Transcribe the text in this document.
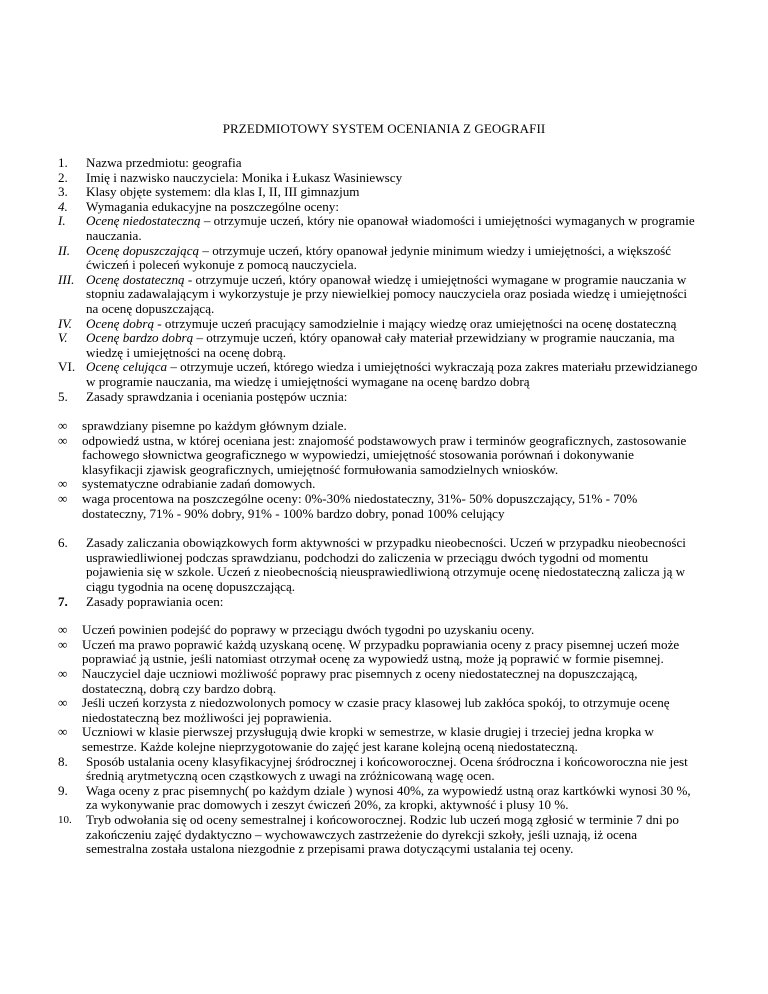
PRZEDMIOTOWY SYSTEM OCENIANIA Z GEOGRAFII
1. Nazwa przedmiotu: geografia
2. Imię i nazwisko nauczyciela: Monika i Łukasz Wasiniewscy
3. Klasy objęte systemem: dla klas I, II, III gimnazjum
4. Wymagania edukacyjne na poszczególne oceny:
I. Ocenę niedostateczną – otrzymuje uczeń, który nie opanował wiadomości i umiejętności wymaganych w programie nauczania.
II. Ocenę dopuszczającą – otrzymuje uczeń, który opanował jedynie minimum wiedzy i umiejętności, a większość ćwiczeń i poleceń wykonuje z pomocą nauczyciela.
III. Ocenę dostateczną - otrzymuje uczeń, który opanował wiedzę i umiejętności wymagane w programie nauczania w stopniu zadawalającym i wykorzystuje je przy niewielkiej pomocy nauczyciela oraz posiada wiedzę i umiejętności na ocenę dopuszczającą.
IV. Ocenę dobrą - otrzymuje uczeń pracujący samodzielnie i mający wiedzę oraz umiejętności na ocenę dostateczną
V. Ocenę bardzo dobrą – otrzymuje uczeń, który opanował cały materiał przewidziany w programie nauczania, ma wiedzę i umiejętności na ocenę dobrą.
VI. Ocenę celująca – otrzymuje uczeń, którego wiedza i umiejętności wykraczają poza zakres materiału przewidzianego w programie nauczania, ma wiedzę i umiejętności wymagane na ocenę bardzo dobrą
5. Zasady sprawdzania i oceniania postępów ucznia:
∞ sprawdziany pisemne po każdym głównym dziale.
∞ odpowiedź ustna, w której oceniana jest: znajomość podstawowych praw i terminów geograficznych, zastosowanie fachowego słownictwa geograficznego w wypowiedzi, umiejętność stosowania porównań i dokonywanie klasyfikacji zjawisk geograficznych, umiejętność formułowania samodzielnych wniosków.
∞ systematyczne odrabianie zadań domowych.
∞ waga procentowa na poszczególne oceny: 0%-30% niedostateczny, 31%- 50% dopuszczający, 51% - 70% dostateczny, 71% - 90% dobry, 91% - 100% bardzo dobry, ponad 100% celujący
6. Zasady zaliczania obowiązkowych form aktywności w przypadku nieobecności. Uczeń w przypadku nieobecności usprawiedliwionej podczas sprawdzianu, podchodzi do zaliczenia w przeciągu dwóch tygodni od momentu pojawienia się w szkole. Uczeń z nieobecnością nieusprawiedliwioną otrzymuje ocenę niedostateczną zalicza ją w ciągu tygodnia na ocenę dopuszczającą.
7. Zasady poprawiania ocen:
∞ Uczeń powinien podejść do poprawy w przeciągu dwóch tygodni po uzyskaniu oceny.
∞ Uczeń ma prawo poprawić każdą uzyskaną ocenę. W przypadku poprawiania oceny z pracy pisemnej uczeń może poprawiać ją ustnie, jeśli natomiast otrzymał ocenę za wypowiedź ustną, może ją poprawić w formie pisemnej.
∞ Nauczyciel daje uczniowi możliwość poprawy prac pisemnych z oceny niedostatecznej na dopuszczającą, dostateczną, dobrą czy bardzo dobrą.
∞ Jeśli uczeń korzysta z niedozwolonych pomocy w czasie pracy klasowej lub zakłóca spokój, to otrzymuje ocenę niedostateczną bez możliwości jej poprawienia.
∞ Uczniowi w klasie pierwszej przysługują dwie kropki w semestrze, w klasie drugiej i trzeciej jedna kropka w semestrze. Każde kolejne nieprzygotowanie do zajęć jest karane kolejną oceną niedostateczną.
8. Sposób ustalania oceny klasyfikacyjnej śródrocznej i końcoworocznej. Ocena śródroczna i końcoworoczna nie jest średnią arytmetyczną ocen cząstkowych z uwagi na zróżnicowaną wagę ocen.
9. Waga oceny z prac pisemnych( po każdym dziale ) wynosi 40%, za wypowiedź ustną oraz kartkówki wynosi 30 %, za wykonywanie prac domowych i zeszyt ćwiczeń 20%, za kropki, aktywność i plusy 10 %.
10. Tryb odwołania się od oceny semestralnej i końcoworocznej. Rodzic lub uczeń mogą zgłosić w terminie 7 dni po zakończeniu zajęć dydaktyczno – wychowawczych zastrzeżenie do dyrekcji szkoły, jeśli uznają, iż ocena semestralna została ustalona niezgodnie z przepisami prawa dotyczącymi ustalania tej oceny.
